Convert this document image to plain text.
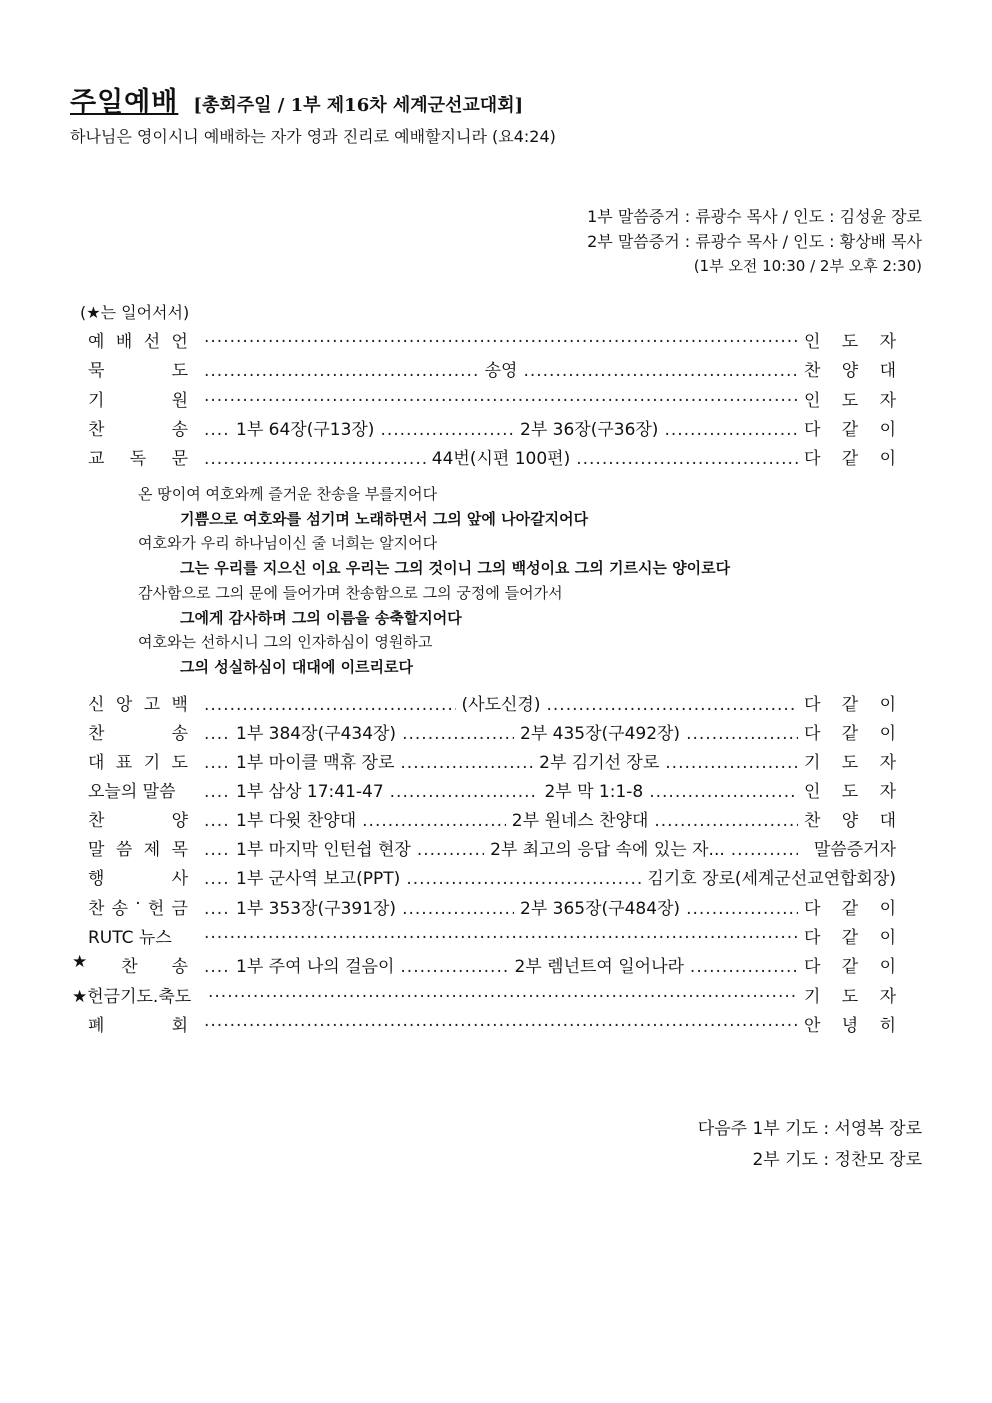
주일예배 [총회주일 / 1부 제16차 세계군선교대회]
하나님은 영이시니 예배하는 자가 영과 진리로 예배할지니라 (요4:24)
1부 말씀증거 : 류광수 목사 / 인도 : 김성윤 장로
2부 말씀증거 : 류광수 목사 / 인도 : 황상배 목사
(1부 오전 10:30 / 2부 오후 2:30)
(★는 일어서서)
예 배 선 언 .....	인 도 자
묵	도 .....	송영 .....	찬 양 대
기	원 .....	인 도 자
찬	송 .....	1부 64장(구13장) .....	2부 36장(구36장) .....	다 같 이
교 독 문 .....	44번(시편 100편) .....	다 같 이
신 앙 고 백 .....	(사도신경) .....	다 같 이
찬	송 .....	1부 384장(구434장) .....	2부 435장(구492장) .....	다 같 이
대 표 기 도 .....	1부 마이클 맥휴 장로 .....	2부 김기선 장로 .....	기 도 자
오늘의 말씀 .....	1부 삼상 17:41-47 .....	2부 막 1:1-8 .....	인 도 자
찬	양 .....	1부 다윗 찬양대 .....	2부 원네스 찬양대 .....	찬 양 대
말 씀 제 목 .....	1부 마지막 인턴쉽 현장 .....	2부 최고의 응답 속에 있는 자... .....	말씀증거자
행	사 .....	1부 군사역 보고(PPT) .....	김기호 장로(세계군선교연합회장)
찬 송 · 헌 금 .....	1부 353장(구391장) .....	2부 365장(구484장) .....	다 같 이
RUTC 뉴스 .....	다 같 이
★ 찬 송 .....	1부 주여 나의 걸음이 .....	2부 렘넌트여 일어나라 .....	다 같 이
★헌금기도.축도 .....	기 도 자
폐	회 .....	안 녕 히
온 땅이여 여호와께 즐거운 찬송을 부를지어다
기쁨으로 여호와를 섬기며 노래하면서 그의 앞에 나아갈지어다
여호와가 우리 하나님이신 줄 너희는 알지어다
그는 우리를 지으신 이요 우리는 그의 것이니 그의 백성이요 그의 기르시는 양이로다
감사함으로 그의 문에 들어가며 찬송함으로 그의 궁정에 들어가서
그에게 감사하며 그의 이름을 송축할지어다
여호와는 선하시니 그의 인자하심이 영원하고
그의 성실하심이 대대에 이르리로다
다음주 1부 기도 : 서영복 장로
2부 기도 : 정찬모 장로
